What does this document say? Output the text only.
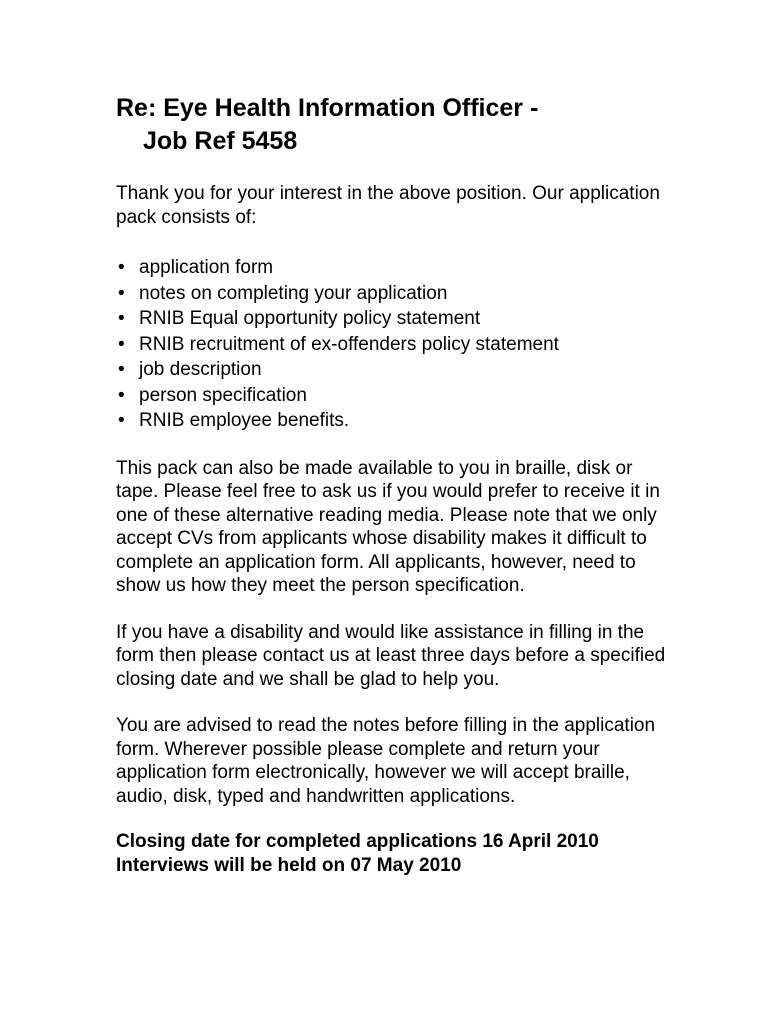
Re: Eye Health Information Officer -
Job Ref 5458

Thank you for your interest in the above position. Our application pack consists of:

• application form
• notes on completing your application
• RNIB Equal opportunity policy statement
• RNIB recruitment of ex-offenders policy statement
• job description
• person specification
• RNIB employee benefits.

This pack can also be made available to you in braille, disk or tape. Please feel free to ask us if you would prefer to receive it in one of these alternative reading media. Please note that we only accept CVs from applicants whose disability makes it difficult to complete an application form. All applicants, however, need to show us how they meet the person specification.

If you have a disability and would like assistance in filling in the form then please contact us at least three days before a specified closing date and we shall be glad to help you.

You are advised to read the notes before filling in the application form. Wherever possible please complete and return your application form electronically, however we will accept braille, audio, disk, typed and handwritten applications.

Closing date for completed applications 16 April 2010
Interviews will be held on 07 May 2010
